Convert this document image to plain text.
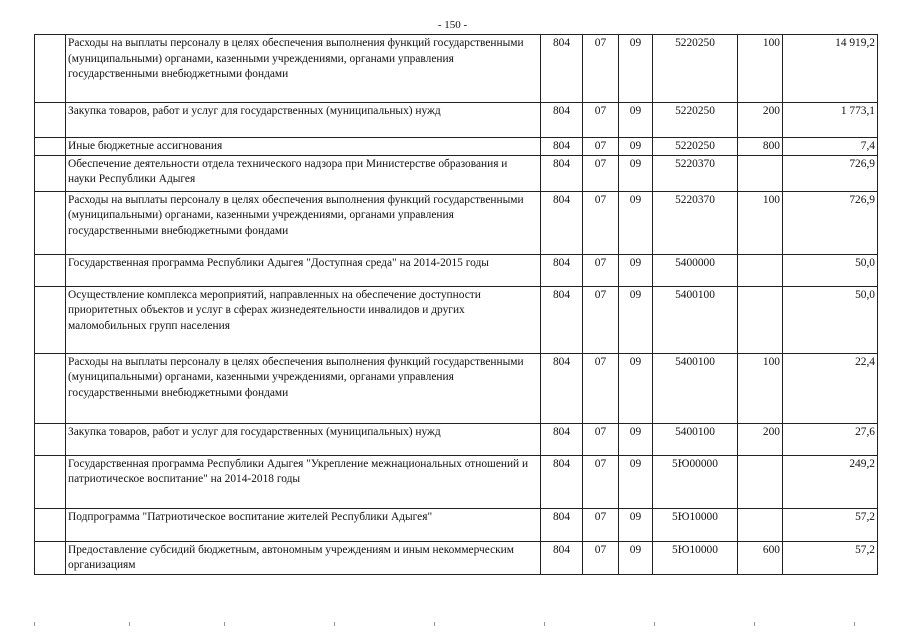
- 150 -
	Расходы на выплаты персоналу в целях обеспечения выполнения функций государственными (муниципальными) органами, казенными учреждениями, органами управления государственными внебюджетными фондами	804	07	09	5220250	100	14 919,2
	Закупка товаров, работ и услуг для государственных (муниципальных) нужд	804	07	09	5220250	200	1 773,1
	Иные бюджетные ассигнования	804	07	09	5220250	800	7,4
	Обеспечение деятельности отдела технического надзора при Министерстве образования и науки Республики Адыгея	804	07	09	5220370		726,9
	Расходы на выплаты персоналу в целях обеспечения выполнения функций государственными (муниципальными) органами, казенными учреждениями, органами управления государственными внебюджетными фондами	804	07	09	5220370	100	726,9
	Государственная программа Республики Адыгея "Доступная среда" на 2014-2015 годы	804	07	09	5400000		50,0
	Осуществление комплекса мероприятий, направленных на обеспечение доступности приоритетных объектов и услуг в сферах жизнедеятельности инвалидов и других маломобильных групп населения	804	07	09	5400100		50,0
	Расходы на выплаты персоналу в целях обеспечения выполнения функций государственными (муниципальными) органами, казенными учреждениями, органами управления государственными внебюджетными фондами	804	07	09	5400100	100	22,4
	Закупка товаров, работ и услуг для государственных (муниципальных) нужд	804	07	09	5400100	200	27,6
	Государственная программа Республики Адыгея "Укрепление межнациональных отношений и патриотическое воспитание" на 2014-2018 годы	804	07	09	5Ю00000		249,2
	Подпрограмма "Патриотическое воспитание жителей Республики Адыгея"	804	07	09	5Ю10000		57,2
	Предоставление субсидий бюджетным, автономным учреждениям и иным некоммерческим организациям	804	07	09	5Ю10000	600	57,2
